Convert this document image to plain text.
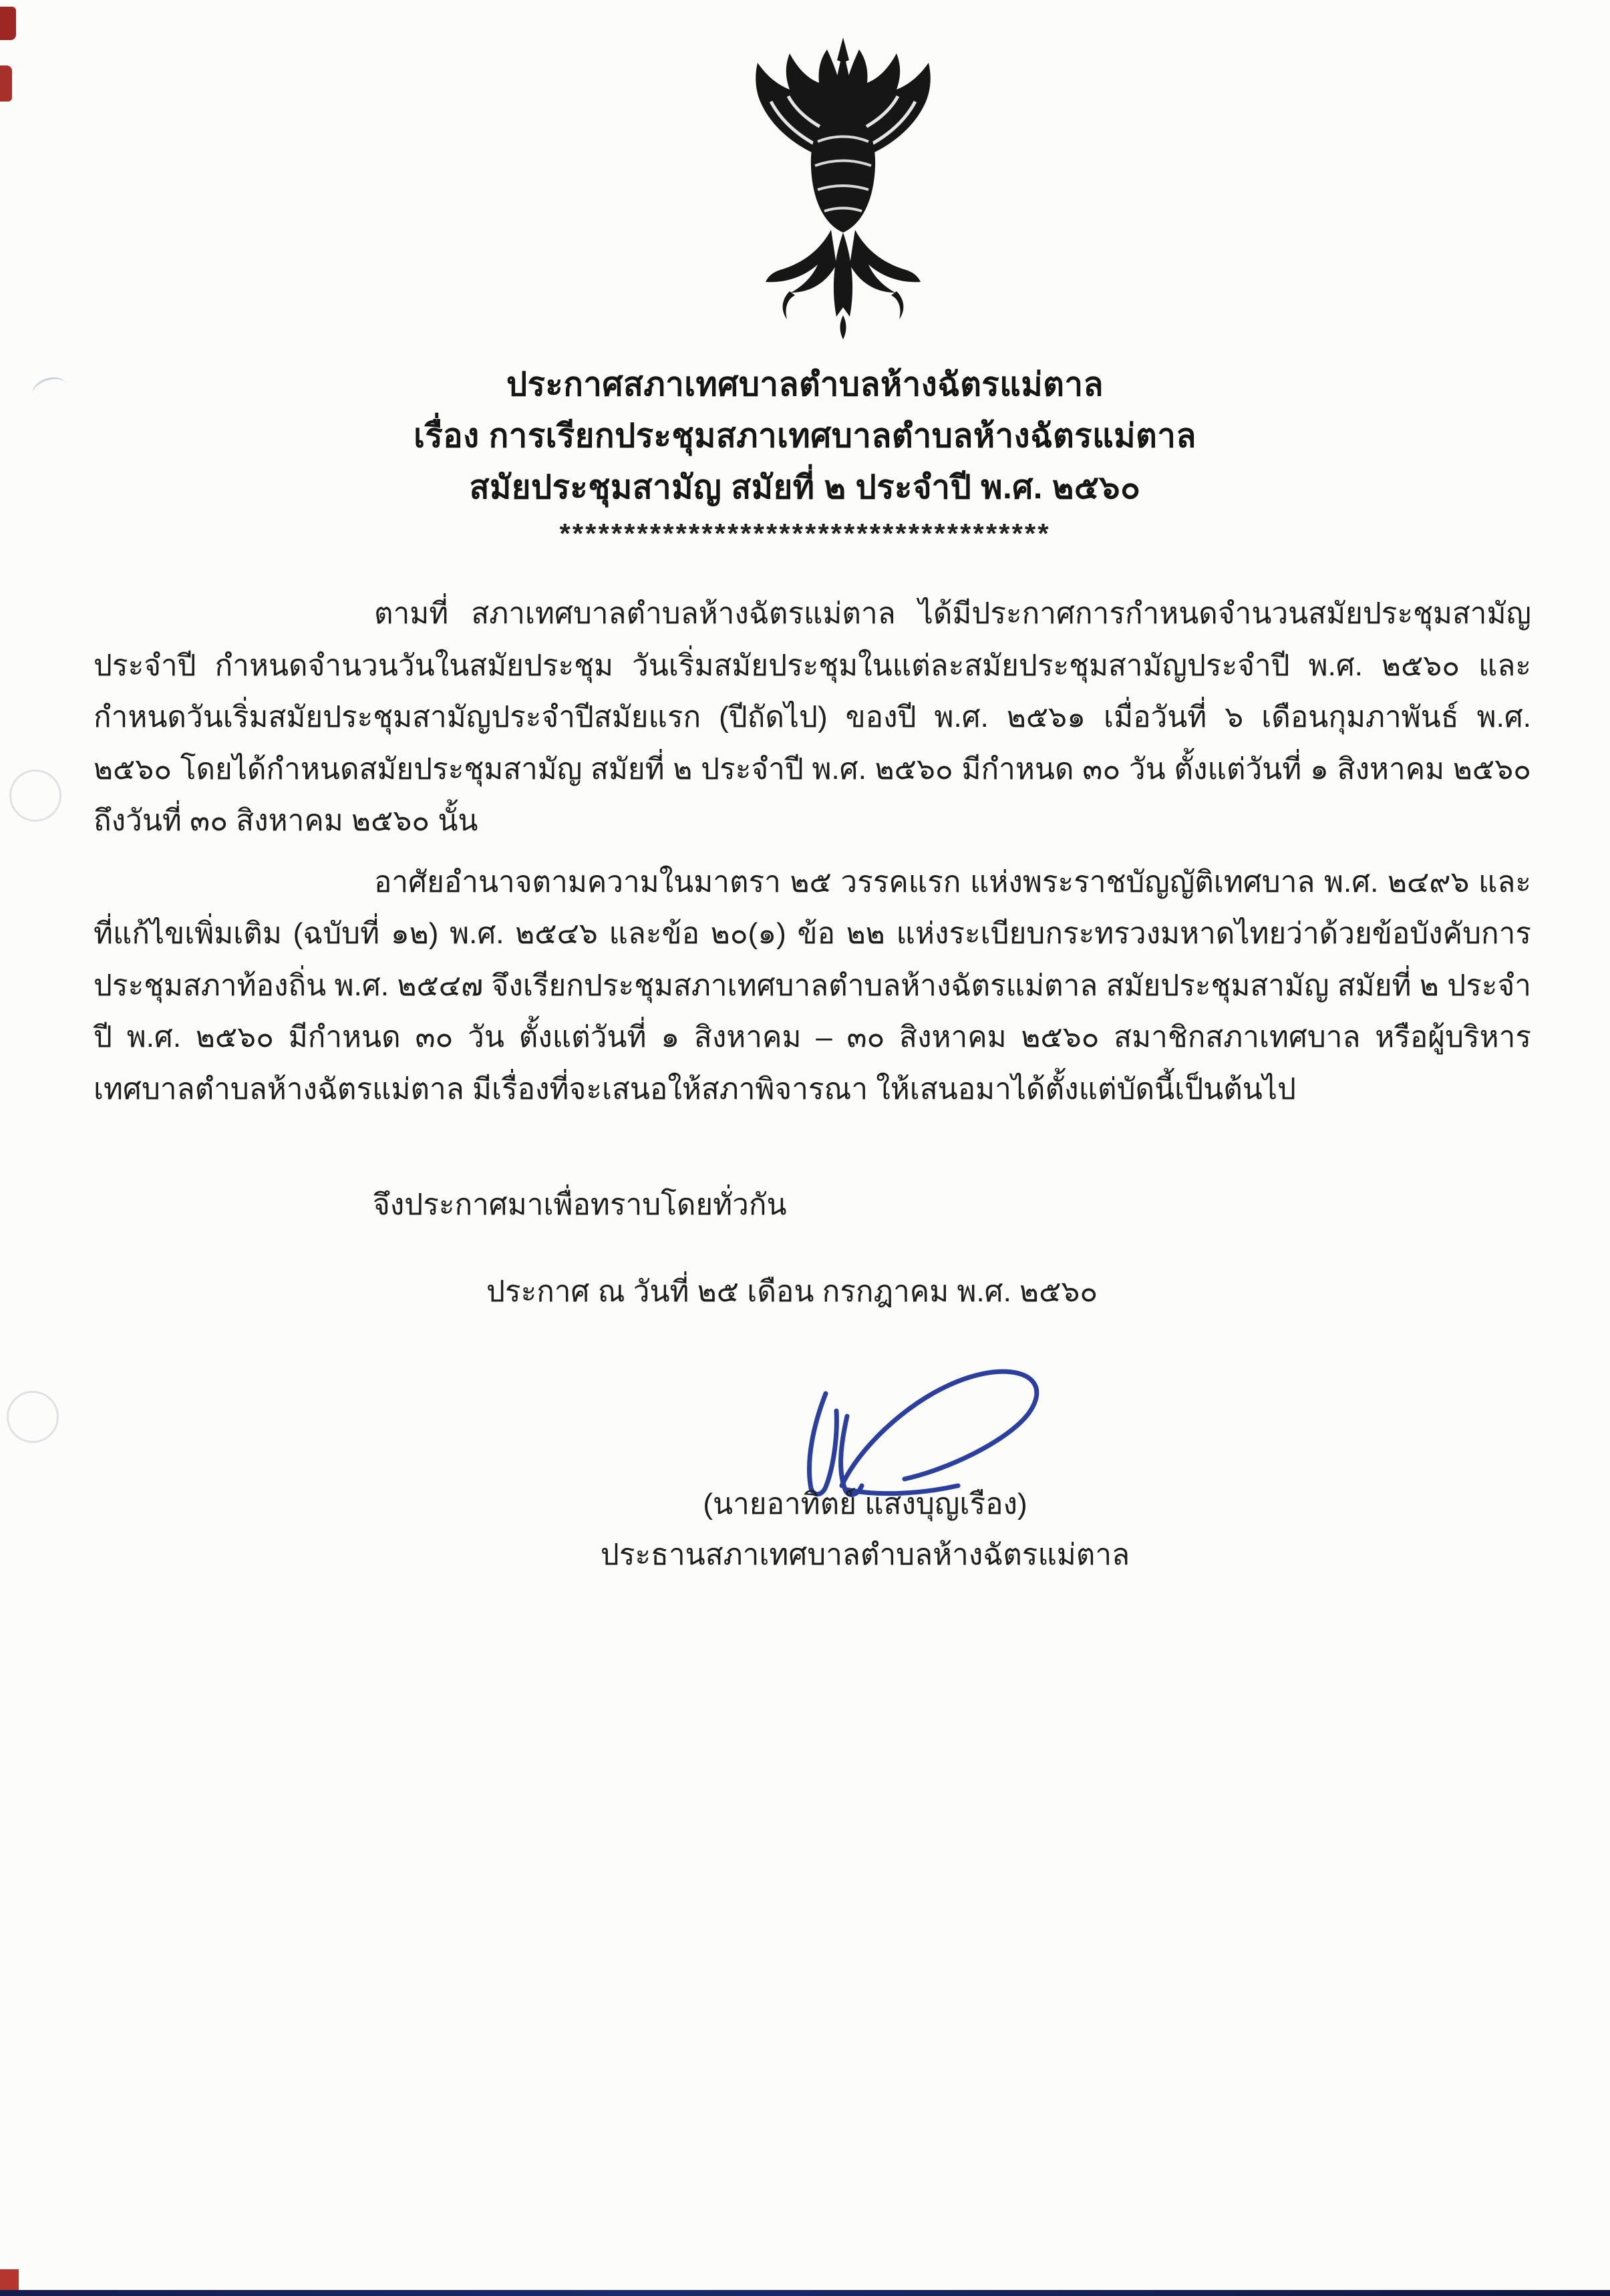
ประกาศสภาเทศบาลตำบลห้างฉัตรแม่ตาล
เรื่อง การเรียกประชุมสภาเทศบาลตำบลห้างฉัตรแม่ตาล
สมัยประชุมสามัญ สมัยที่ ๒ ประจำปี พ.ศ. ๒๕๖๐
**************************************

ตามที่ สภาเทศบาลตำบลห้างฉัตรแม่ตาล ได้มีประกาศการกำหนดจำนวนสมัยประชุมสามัญ ประจำปี กำหนดจำนวนวันในสมัยประชุม วันเริ่มสมัยประชุมในแต่ละสมัยประชุมสามัญประจำปี พ.ศ. ๒๕๖๐ และกำหนดวันเริ่มสมัยประชุมสามัญประจำปีสมัยแรก (ปีถัดไป) ของปี พ.ศ. ๒๕๖๑ เมื่อวันที่ ๖ เดือนกุมภาพันธ์ พ.ศ. ๒๕๖๐ โดยได้กำหนดสมัยประชุมสามัญ สมัยที่ ๒ ประจำปี พ.ศ. ๒๕๖๐ มีกำหนด ๓๐ วัน ตั้งแต่วันที่ ๑ สิงหาคม ๒๕๖๐ ถึงวันที่ ๓๐ สิงหาคม ๒๕๖๐ นั้น

อาศัยอำนาจตามความในมาตรา ๒๕ วรรคแรก แห่งพระราชบัญญัติเทศบาล พ.ศ. ๒๔๙๖ และที่แก้ไขเพิ่มเติม (ฉบับที่ ๑๒) พ.ศ. ๒๕๔๖ และข้อ ๒๐(๑) ข้อ ๒๒ แห่งระเบียบกระทรวงมหาดไทยว่าด้วยข้อบังคับการประชุมสภาท้องถิ่น พ.ศ. ๒๕๔๗ จึงเรียกประชุมสภาเทศบาลตำบลห้างฉัตรแม่ตาล สมัยประชุมสามัญ สมัยที่ ๒ ประจำปี พ.ศ. ๒๕๖๐ มีกำหนด ๓๐ วัน ตั้งแต่วันที่ ๑ สิงหาคม – ๓๐ สิงหาคม ๒๕๖๐ สมาชิกสภาเทศบาล หรือผู้บริหารเทศบาลตำบลห้างฉัตรแม่ตาล มีเรื่องที่จะเสนอให้สภาพิจารณา ให้เสนอมาได้ตั้งแต่บัดนี้เป็นต้นไป

จึงประกาศมาเพื่อทราบโดยทั่วกัน
ประกาศ ณ วันที่ ๒๕ เดือน กรกฎาคม พ.ศ. ๒๕๖๐
(นายอาทิตย์ แสงบุญเรือง)
ประธานสภาเทศบาลตำบลห้างฉัตรแม่ตาล
